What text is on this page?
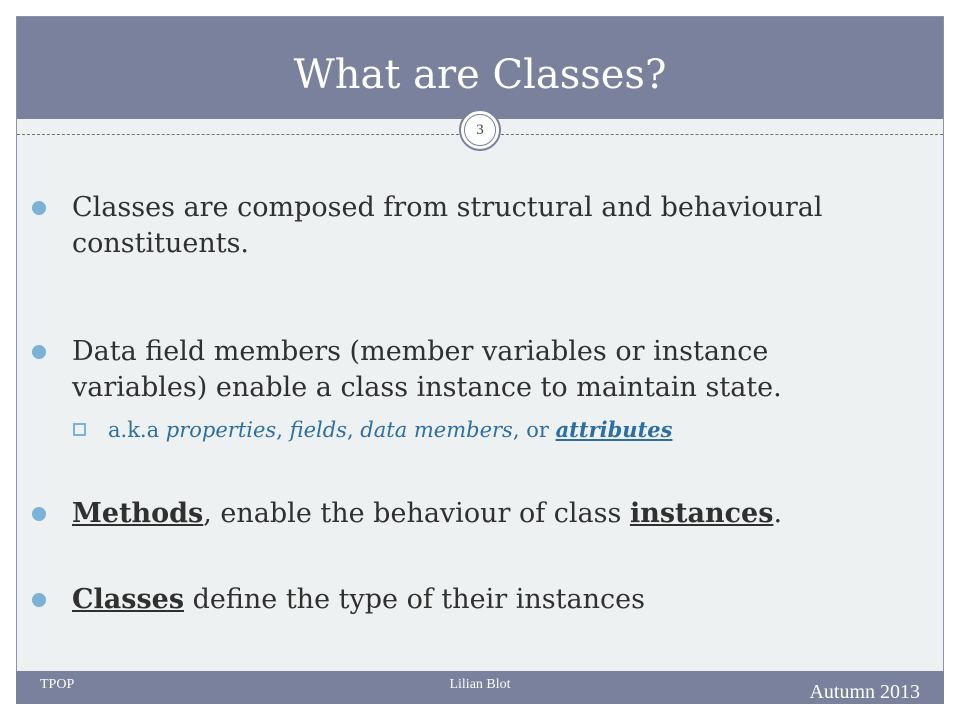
What are Classes?
3
Classes are composed from structural and behavioural constituents.
Data field members (member variables or instance variables) enable a class instance to maintain state.
a.k.a properties, fields, data members, or attributes
Methods, enable the behaviour of class instances.
Classes define the type of their instances
TPOP	Lilian Blot	Autumn 2013
